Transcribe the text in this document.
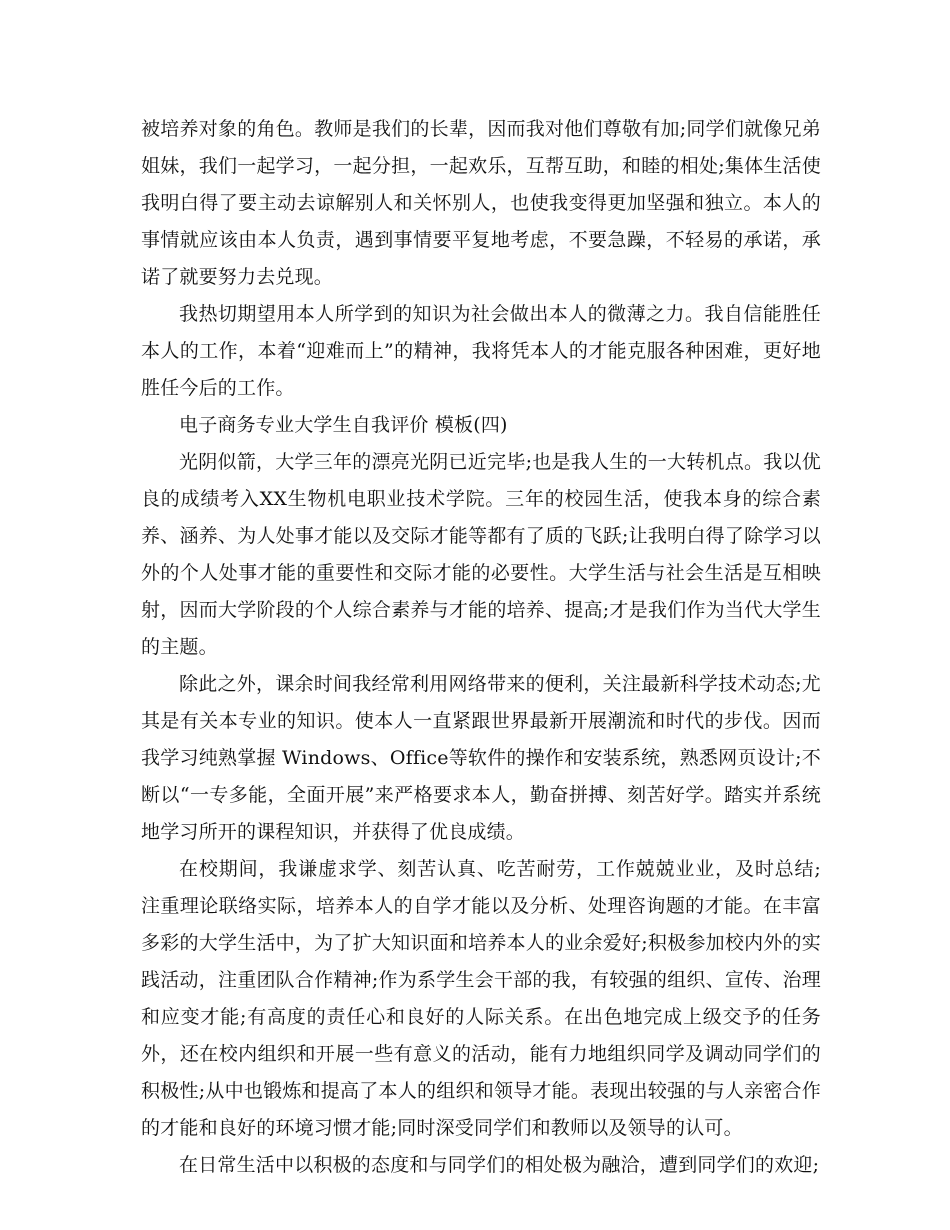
被培养对象的角色。教师是我们的长辈，因而我对他们尊敬有加;同学们就像兄弟姐妹，我们一起学习，一起分担，一起欢乐，互帮互助，和睦的相处;集体生活使我明白得了要主动去谅解别人和关怀别人，也使我变得更加坚强和独立。本人的事情就应该由本人负责，遇到事情要平复地考虑，不要急躁，不轻易的承诺，承诺了就要努力去兑现。

我热切期望用本人所学到的知识为社会做出本人的微薄之力。我自信能胜任本人的工作，本着“迎难而上”的精神，我将凭本人的才能克服各种困难，更好地胜任今后的工作。

电子商务专业大学生自我评价 模板(四)

光阴似箭，大学三年的漂亮光阴已近完毕;也是我人生的一大转机点。我以优良的成绩考入XX生物机电职业技术学院。三年的校园生活，使我本身的综合素养、涵养、为人处事才能以及交际才能等都有了质的飞跃;让我明白得了除学习以外的个人处事才能的重要性和交际才能的必要性。大学生活与社会生活是互相映射，因而大学阶段的个人综合素养与才能的培养、提高;才是我们作为当代大学生的主题。

除此之外，课余时间我经常利用网络带来的便利，关注最新科学技术动态;尤其是有关本专业的知识。使本人一直紧跟世界最新开展潮流和时代的步伐。因而我学习纯熟掌握 Windows、Office等软件的操作和安装系统，熟悉网页设计;不断以“一专多能，全面开展”来严格要求本人，勤奋拼搏、刻苦好学。踏实并系统地学习所开的课程知识，并获得了优良成绩。

在校期间，我谦虚求学、刻苦认真、吃苦耐劳，工作兢兢业业，及时总结; 注重理论联络实际，培养本人的自学才能以及分析、处理咨询题的才能。在丰富多彩的大学生活中，为了扩大知识面和培养本人的业余爱好;积极参加校内外的实践活动，注重团队合作精神;作为系学生会干部的我，有较强的组织、宣传、治理和应变才能;有高度的责任心和良好的人际关系。在出色地完成上级交予的任务外，还在校内组织和开展一些有意义的活动，能有力地组织同学及调动同学们的积极性;从中也锻炼和提高了本人的组织和领导才能。表现出较强的与人亲密合作的才能和良好的环境习惯才能;同时深受同学们和教师以及领导的认可。

在日常生活中以积极的态度和与同学们的相处极为融洽，遭到同学们的欢迎;
